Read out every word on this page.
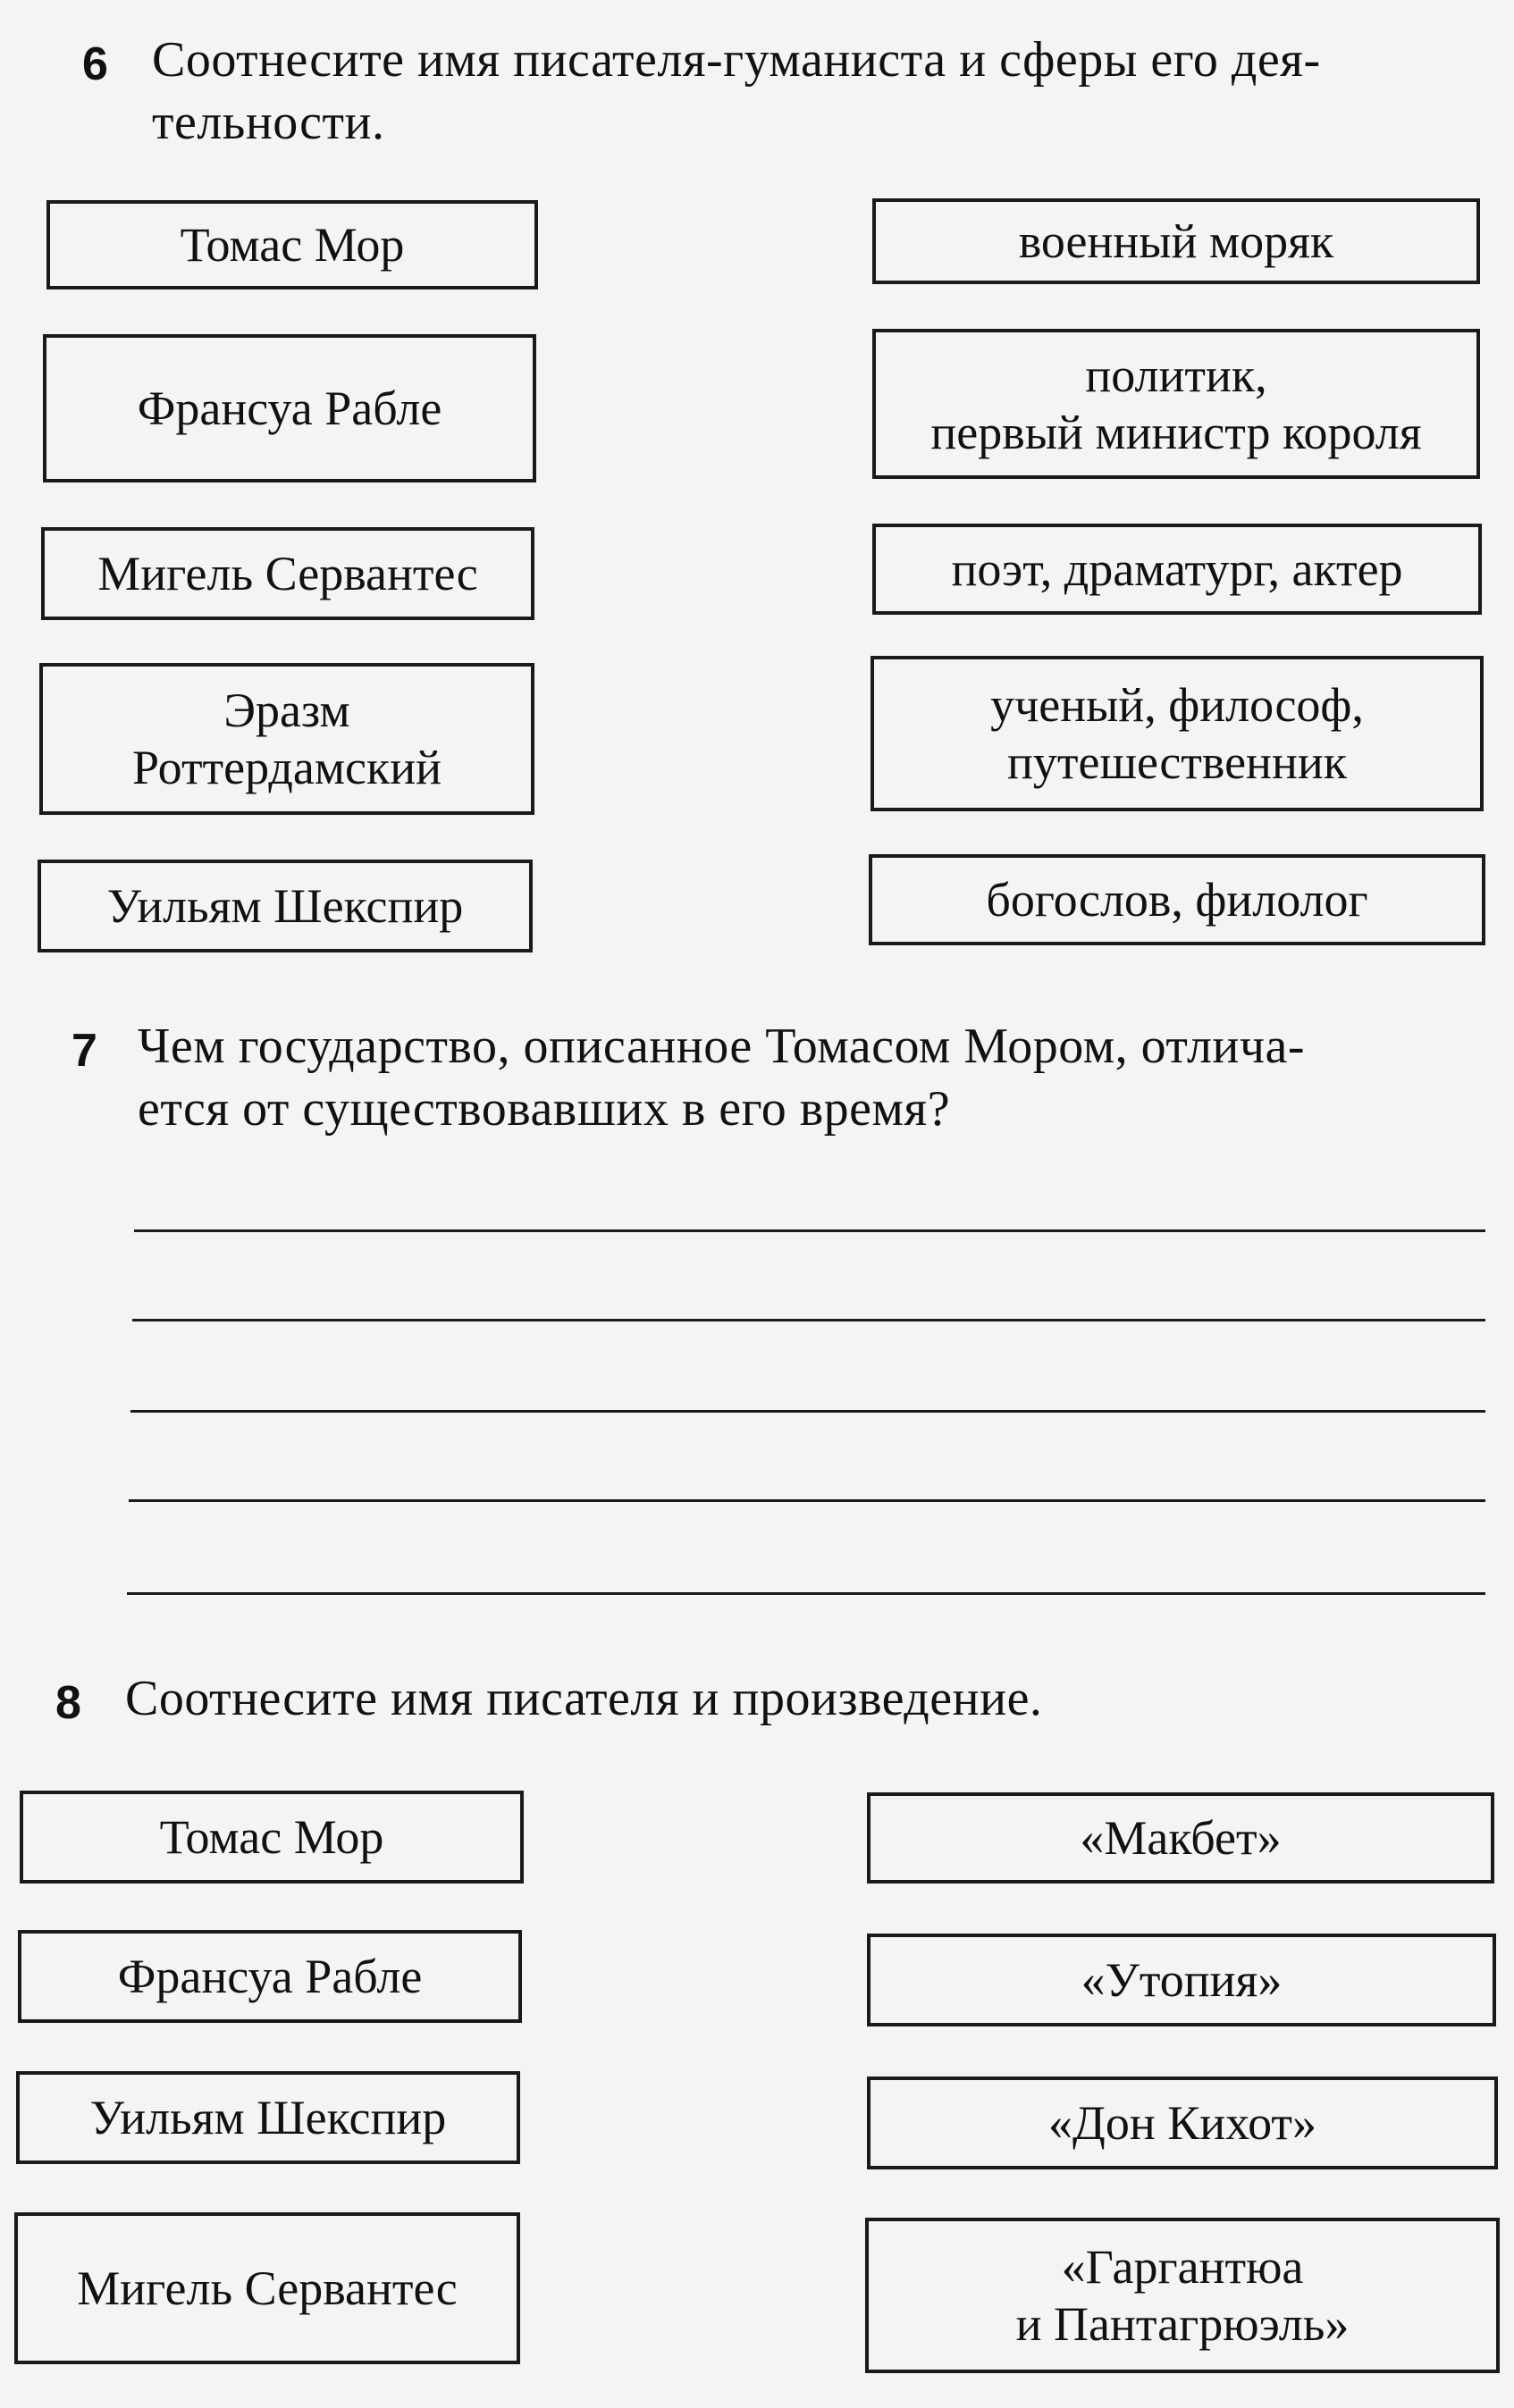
6 Соотнесите имя писателя-гуманиста и сферы его дея-
тельности.
Томас Мор
Франсуа Рабле
Мигель Сервантес
Эразм
Роттердамский
Уильям Шекспир
военный моряк
политик,
первый министр короля
поэт, драматург, актер
ученый, философ,
путешественник
богослов, филолог
7 Чем государство, описанное Томасом Мором, отлича-
ется от существовавших в его время?
8 Соотнесите имя писателя и произведение.
Томас Мор
Франсуа Рабле
Уильям Шекспир
Мигель Сервантес
«Макбет»
«Утопия»
«Дон Кихот»
«Гаргантюа
и Пантагрюэль»
